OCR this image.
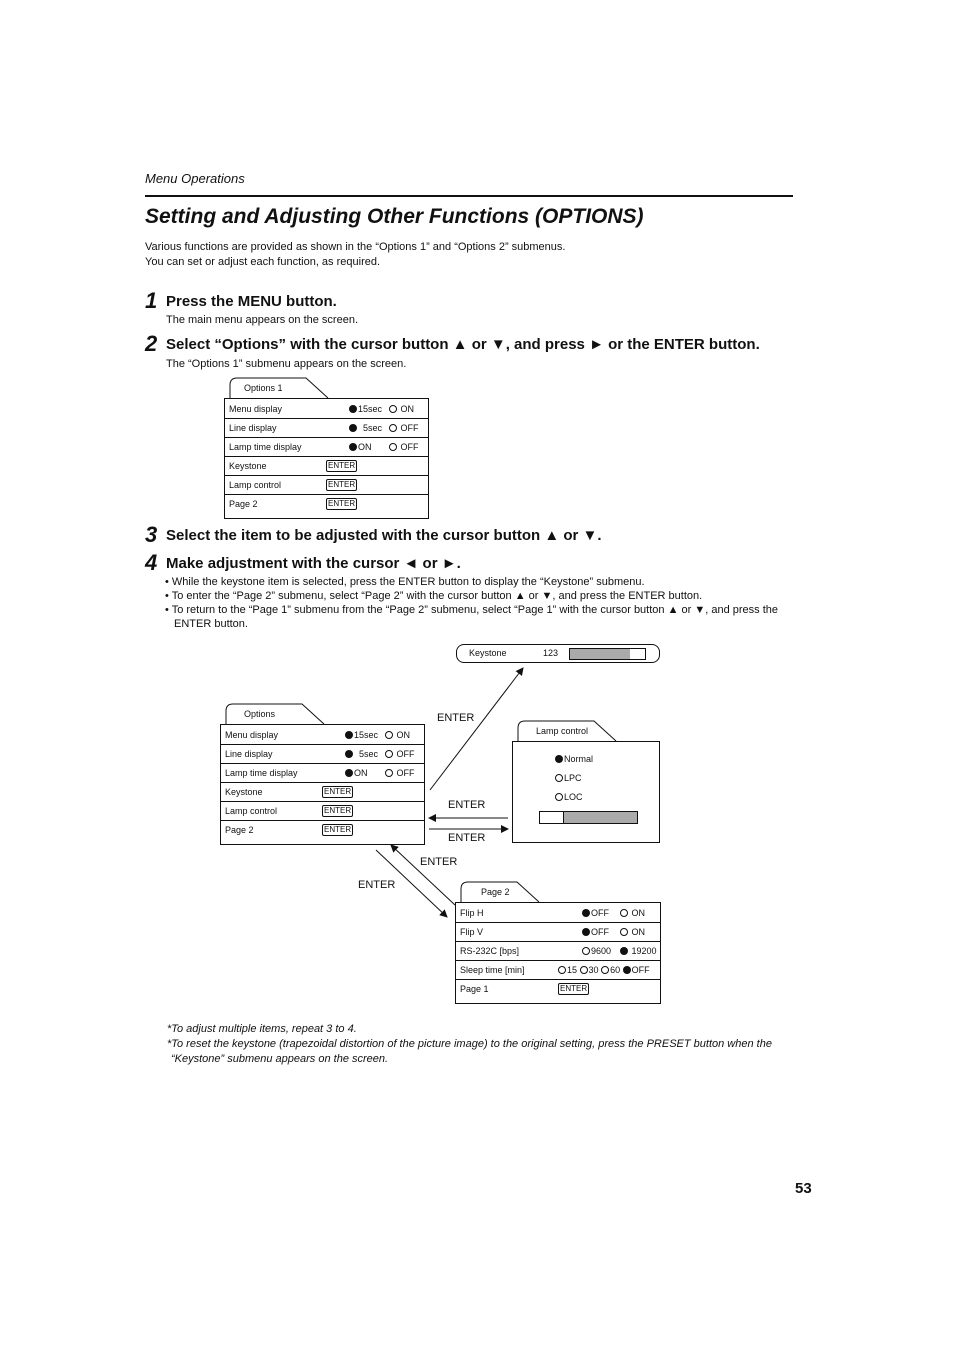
Menu Operations
Setting and Adjusting Other Functions (OPTIONS)
Various functions are provided as shown in the “Options 1” and “Options 2” submenus.
You can set or adjust each function, as required.
1 Press the MENU button.
The main menu appears on the screen.
2 Select “Options” with the cursor button ▲ or ▼, and press ► or the ENTER button.
The “Options 1” submenu appears on the screen.
Options 1
Menu display	15sec	ON
Line display	5sec	OFF
Lamp time display	ON	OFF
Keystone	ENTER
Lamp control	ENTER
Page 2	ENTER
3 Select the item to be adjusted with the cursor button ▲ or ▼.
4 Make adjustment with the cursor ◄ or ►.
• While the keystone item is selected, press the ENTER button to display the “Keystone” submenu.
• To enter the “Page 2” submenu, select “Page 2” with the cursor button ▲ or ▼, and press the ENTER button.
• To return to the “Page 1” submenu from the “Page 2” submenu, select “Page 1” with the cursor button ▲ or ▼, and press the ENTER button.
ENTER
ENTER
ENTER
ENTER
ENTER
Keystone	123
Options
Menu display	15sec	ON
Line display	5sec	OFF
Lamp time display	ON	OFF
Keystone	ENTER
Lamp control	ENTER
Page 2	ENTER
Lamp control
Normal
LPC
LOC
Page 2
Flip H	OFF	ON
Flip V	OFF	ON
RS-232C [bps]	9600	19200
Sleep time [min]	15 30 60 OFF
Page 1	ENTER
*To adjust multiple items, repeat 3 to 4.
*To reset the keystone (trapezoidal distortion of the picture image) to the original setting, press the PRESET button when the “Keystone” submenu appears on the screen.
53
